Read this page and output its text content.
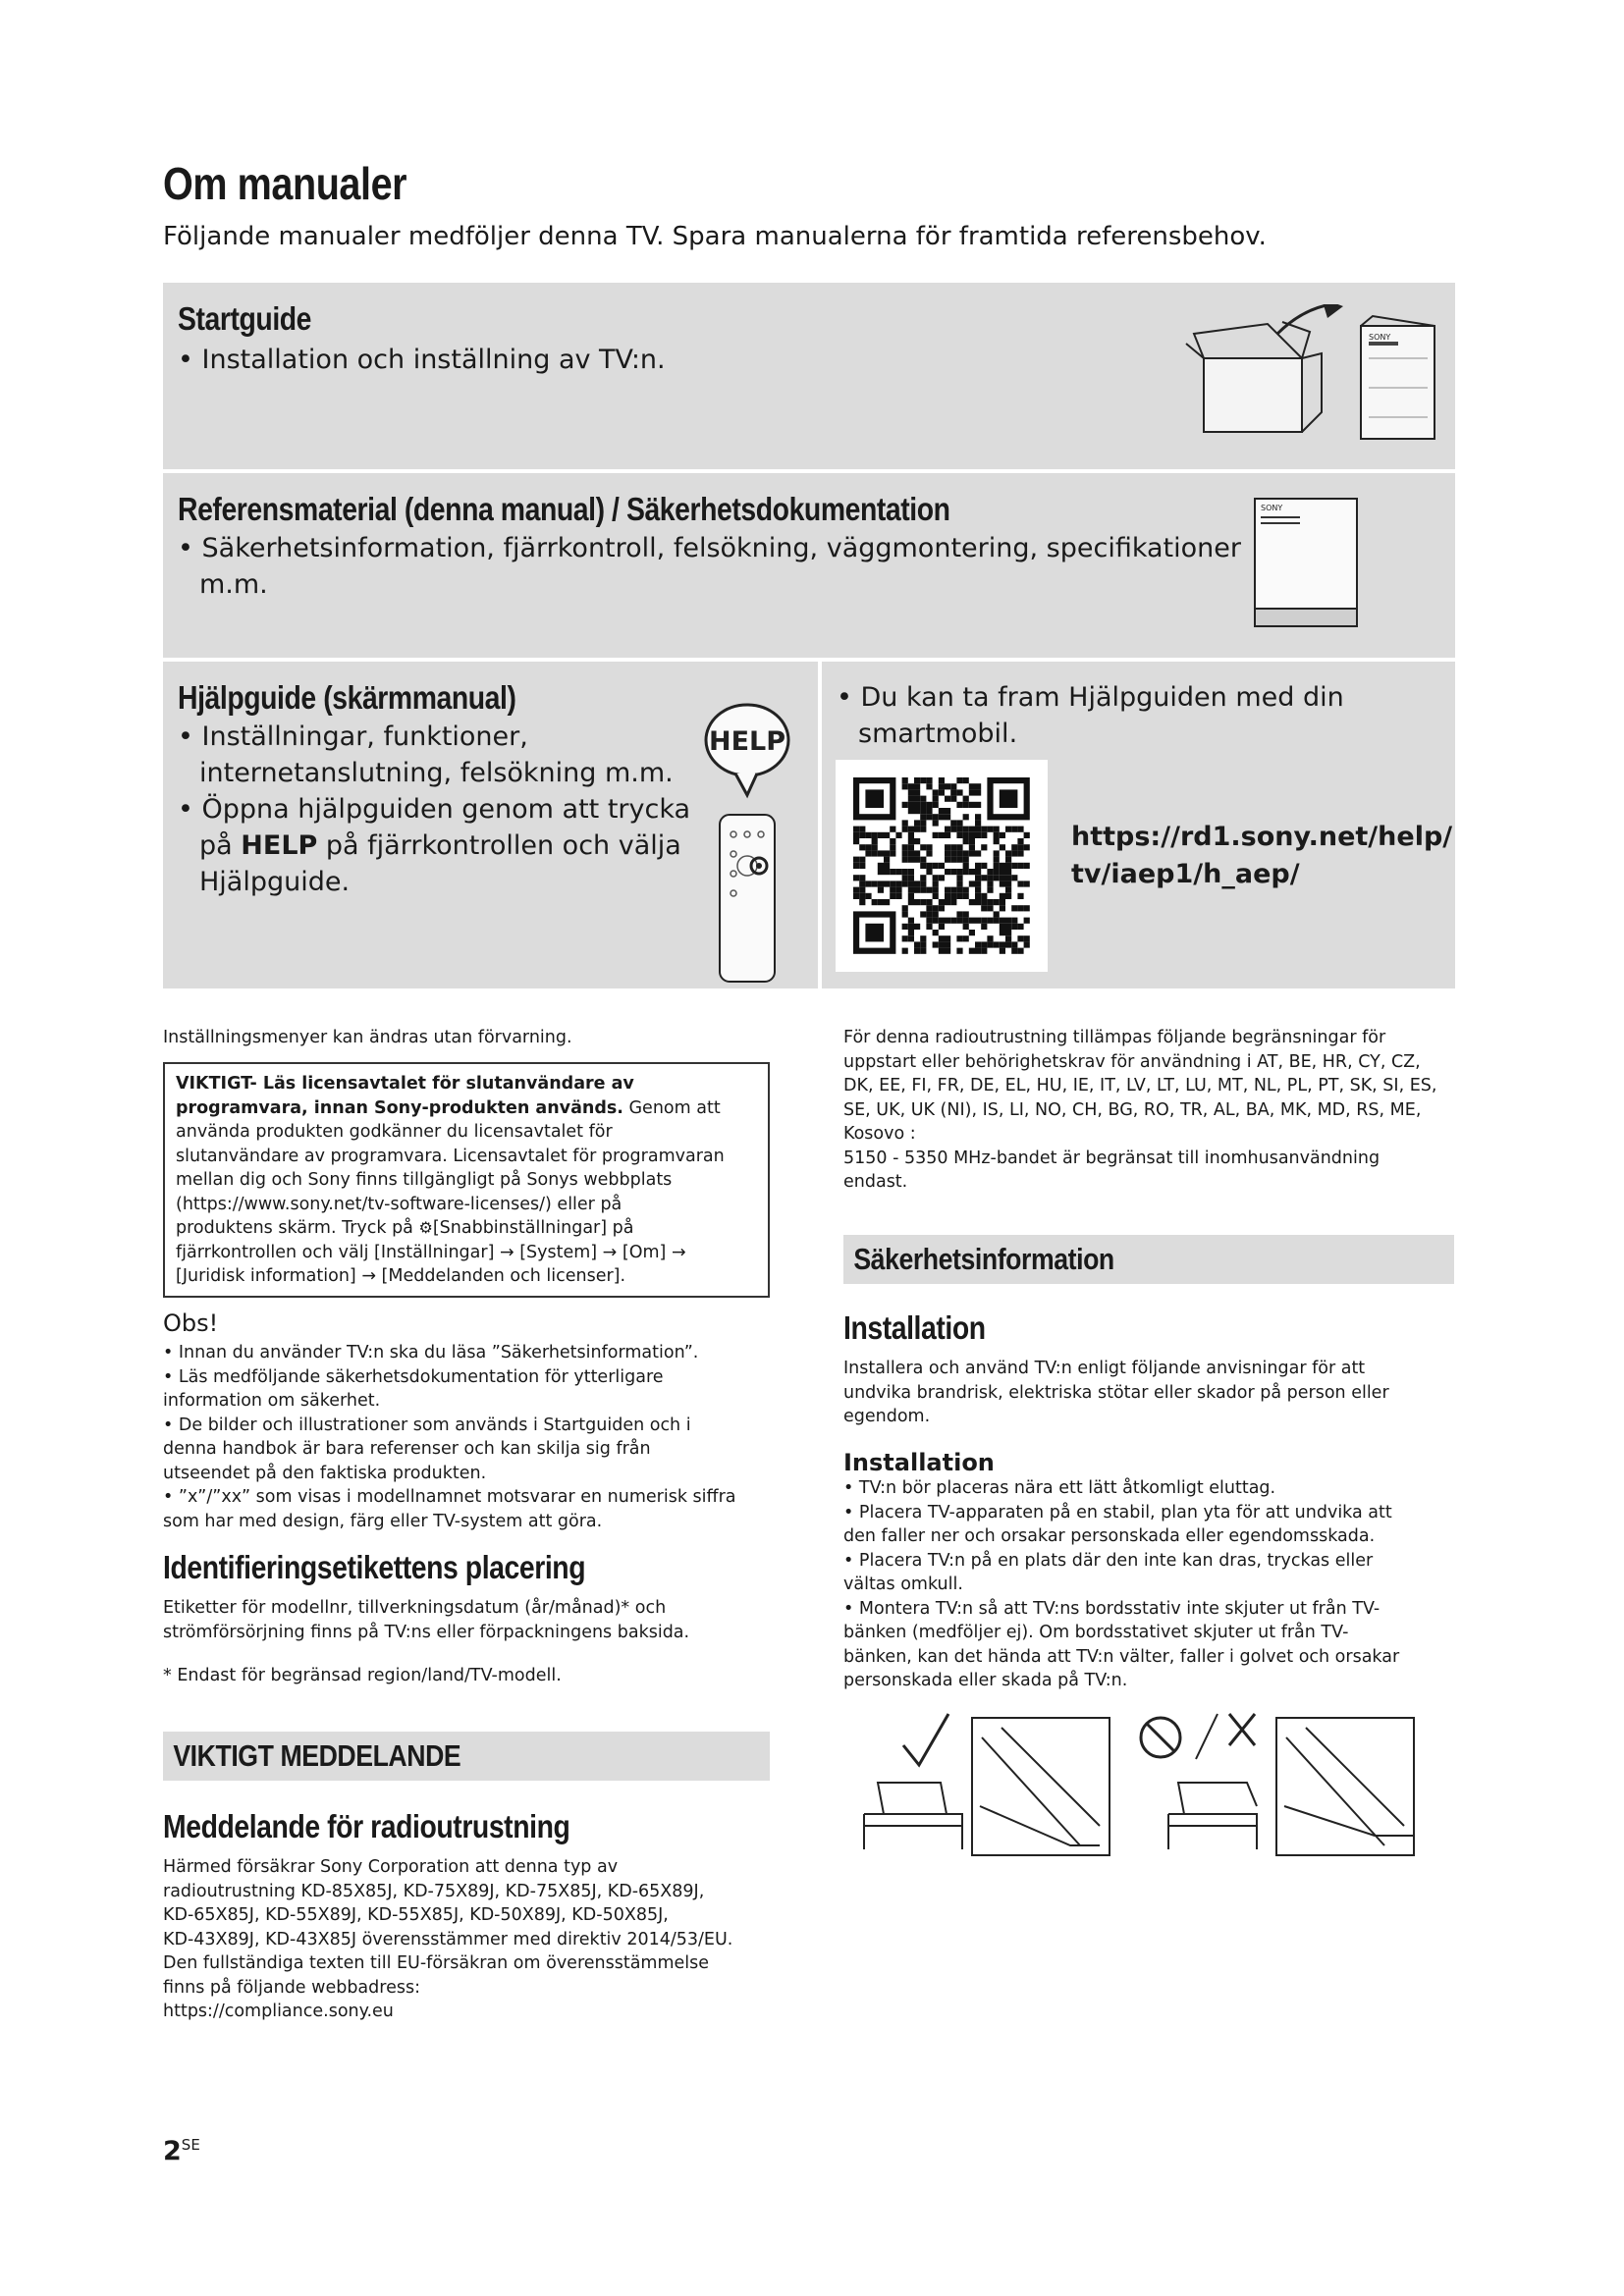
Om manualer
Följande manualer medföljer denna TV. Spara manualerna för framtida referensbehov.
Startguide
• Installation och inställning av TV:n.
SONY
Referensmaterial (denna manual) / Säkerhetsdokumentation
• Säkerhetsinformation, fjärrkontroll, felsökning, väggmontering, specifikationer
m.m.
SONY
Hjälpguide (skärmmanual)
• Inställningar, funktioner,
internetanslutning, felsökning m.m.
• Öppna hjälpguiden genom att trycka
på HELP på fjärrkontrollen och välja
Hjälpguide.
HELP
• Du kan ta fram Hjälpguiden med din
smartmobil.
https://rd1.sony.net/help/
tv/iaep1/h_aep/
Inställningsmenyer kan ändras utan förvarning.
VIKTIGT- Läs licensavtalet för slutanvändare av
programvara, innan Sony-produkten används. Genom att
använda produkten godkänner du licensavtalet för
slutanvändare av programvara. Licensavtalet för programvaran
mellan dig och Sony finns tillgängligt på Sonys webbplats
(https://www.sony.net/tv-software-licenses/) eller på
produktens skärm. Tryck på ⚙[Snabbinställningar] på
fjärrkontrollen och välj [Inställningar] → [System] → [Om] →
[Juridisk information] → [Meddelanden och licenser].
Obs!
• Innan du använder TV:n ska du läsa ”Säkerhetsinformation”.
• Läs medföljande säkerhetsdokumentation för ytterligare
information om säkerhet.
• De bilder och illustrationer som används i Startguiden och i
denna handbok är bara referenser och kan skilja sig från
utseendet på den faktiska produkten.
• ”x”/”xx” som visas i modellnamnet motsvarar en numerisk siffra
som har med design, färg eller TV-system att göra.
Identifieringsetikettens placering
Etiketter för modellnr, tillverkningsdatum (år/månad)* och
strömförsörjning finns på TV:ns eller förpackningens baksida.
* Endast för begränsad region/land/TV-modell.
VIKTIGT MEDDELANDE
Meddelande för radioutrustning
Härmed försäkrar Sony Corporation att denna typ av
radioutrustning KD-85X85J, KD-75X89J, KD-75X85J, KD-65X89J,
KD-65X85J, KD-55X89J, KD-55X85J, KD-50X89J, KD-50X85J,
KD-43X89J, KD-43X85J överensstämmer med direktiv 2014/53/EU.
Den fullständiga texten till EU-försäkran om överensstämmelse
finns på följande webbadress:
https://compliance.sony.eu
$2^{SE}$
För denna radioutrustning tillämpas följande begränsningar för
uppstart eller behörighetskrav för användning i AT, BE, HR, CY, CZ,
DK, EE, FI, FR, DE, EL, HU, IE, IT, LV, LT, LU, MT, NL, PL, PT, SK, SI, ES,
SE, UK, UK (NI), IS, LI, NO, CH, BG, RO, TR, AL, BA, MK, MD, RS, ME,
Kosovo :
5150 - 5350 MHz-bandet är begränsat till inomhusanvändning
endast.
Säkerhetsinformation
Installation
Installera och använd TV:n enligt följande anvisningar för att
undvika brandrisk, elektriska stötar eller skador på person eller
egendom.
Installation
• TV:n bör placeras nära ett lätt åtkomligt eluttag.
• Placera TV-apparaten på en stabil, plan yta för att undvika att
den faller ner och orsakar personskada eller egendomsskada.
• Placera TV:n på en plats där den inte kan dras, tryckas eller
vältas omkull.
• Montera TV:n så att TV:ns bordsstativ inte skjuter ut från TV-
bänken (medföljer ej). Om bordsstativet skjuter ut från TV-
bänken, kan det hända att TV:n välter, faller i golvet och orsakar
personskada eller skada på TV:n.
